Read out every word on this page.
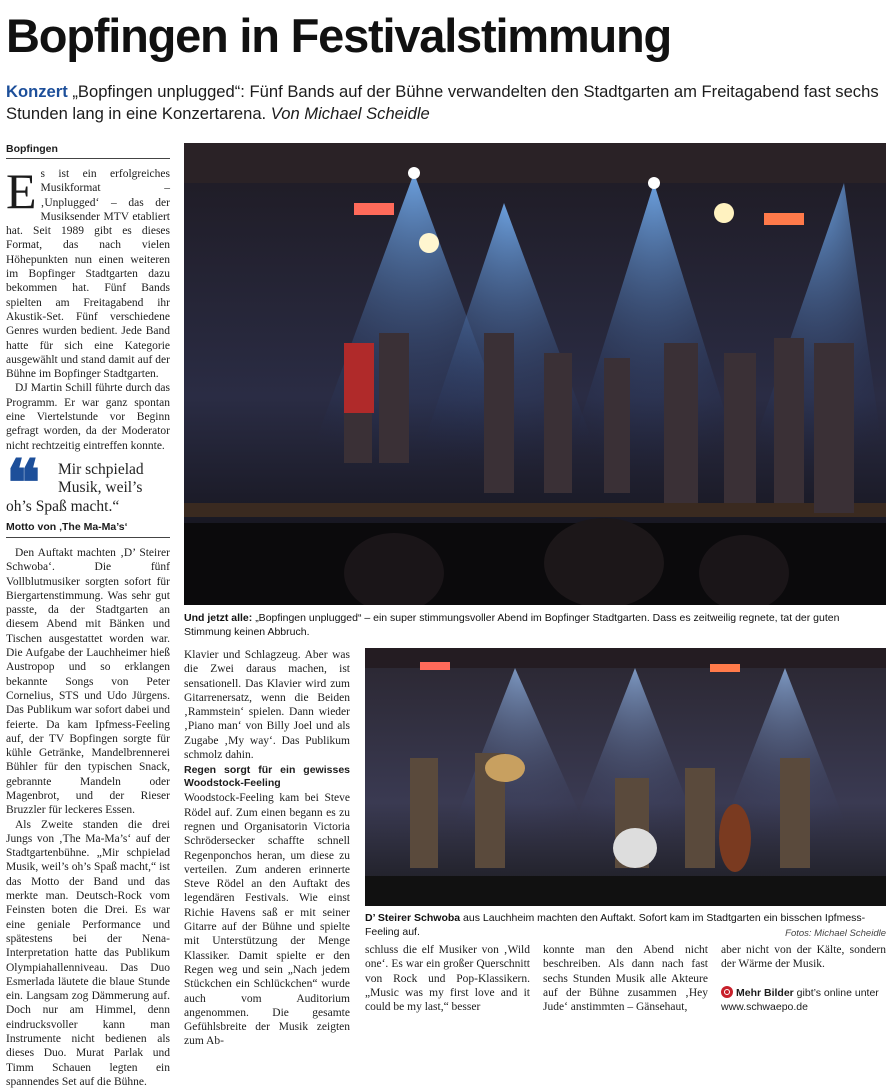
Bopfingen in Festivalstimmung
Konzert „Bopfingen unplugged“: Fünf Bands auf der Bühne verwandelten den Stadtgarten am Freitagabend fast sechs Stunden lang in eine Konzertarena. Von Michael Scheidle
Bopfingen

Es ist ein erfolgreiches Musikformat – ‚Unplugged‘ – das der Musiksender MTV etabliert hat. Seit 1989 gibt es dieses Format, das nach vielen Höhepunkten nun einen weiteren im Bopfinger Stadtgarten dazu bekommen hat. Fünf Bands spielten am Freitagabend ihr Akustik-Set. Fünf verschiedene Genres wurden bedient. Jede Band hatte für sich eine Kategorie ausgewählt und stand damit auf der Bühne im Bopfinger Stadtgarten.

DJ Martin Schill führte durch das Programm. Er war ganz spontan eine Viertelstunde vor Beginn gefragt worden, da der Moderator nicht rechtzeitig eintreffen konnte.

❝ Mir schpielad Musik, weil’s
oh’s Spaß macht.“
Motto von ‚The Ma-Ma’s‘

Den Auftakt machten ‚D’ Steirer Schwoba‘. Die fünf Vollblutmusiker sorgten sofort für Biergartenstimmung. Was sehr gut passte, da der Stadtgarten an diesem Abend mit Bänken und Tischen ausgestattet worden war. Die Aufgabe der Lauchheimer hieß Austropop und so erklangen bekannte Songs von Peter Cornelius, STS und Udo Jürgens. Das Publikum war sofort dabei und feierte. Da kam Ipfmess-Feeling auf, der TV Bopfingen sorgte für kühle Getränke, Mandelbrennerei Bühler für den typischen Snack, gebrannte Mandeln oder Magenbrot, und der Rieser Bruzzler für leckeres Essen.

Als Zweite standen die drei Jungs von ‚The Ma-Ma’s‘ auf der Stadtgartenbühne. „Mir schpielad Musik, weil’s oh’s Spaß macht,“ ist das Motto der Band und das merkte man. Deutsch-Rock vom Feinsten boten die Drei. Es war eine geniale Performance und spätestens bei der Nena-Interpretation hatte das Publikum Olympiahallenniveau. Das Duo Esmerlada läutete die blaue Stunde ein. Langsam zog Dämmerung auf. Doch nur am Himmel, denn eindrucksvoller kann man Instrumente nicht bedienen als dieses Duo. Murat Parlak und Timm Schauen legten ein spannendes Set auf die Bühne.

Und jetzt alle: „Bopfingen unplugged“ – ein super stimmungsvoller Abend im Bopfinger Stadtgarten. Dass es zeitweilig regnete, tat der guten Stimmung keinen Abbruch.

Klavier und Schlagzeug. Aber was die Zwei daraus machen, ist sensationell. Das Klavier wird zum Gitarrenersatz, wenn die Beiden ‚Rammstein‘ spielen. Dann wieder ‚Piano man‘ von Billy Joel und als Zugabe ‚My way‘. Das Publikum schmolz dahin.

Regen sorgt für ein gewisses Woodstock-Feeling

Woodstock-Feeling kam bei Steve Rödel auf. Zum einen begann es zu regnen und Organisatorin Victoria Schrödersecker schaffte schnell Regenponchos heran, um diese zu verteilen. Zum anderen erinnerte Steve Rödel an den Auftakt des legendären Festivals. Wie einst Richie Havens saß er mit seiner Gitarre auf der Bühne und spielte mit Unterstützung der Menge Klassiker. Damit spielte er den Regen weg und sein „Nach jedem Stückchen ein Schlückchen“ wurde auch vom Auditorium angenommen. Die gesamte Gefühlsbreite der Musik zeigten zum Ab-

D’ Steirer Schwoba aus Lauchheim machten den Auftakt. Sofort kam im Stadtgarten ein bisschen Ipfmess-Feeling auf.	Fotos: Michael Scheidle
schluss die elf Musiker von ‚Wild one‘. Es war ein großer Querschnitt von Rock und Pop-Klassikern. „Music was my first love and it could be my last,“ besser
konnte man den Abend nicht beschreiben. Als dann nach fast sechs Stunden Musik alle Akteure auf der Bühne zusammen ‚Hey Jude‘ anstimmten – Gänsehaut,
aber nicht von der Kälte, sondern der Wärme der Musik.
Mehr Bilder gibt’s online unter
www.schwaepo.de
